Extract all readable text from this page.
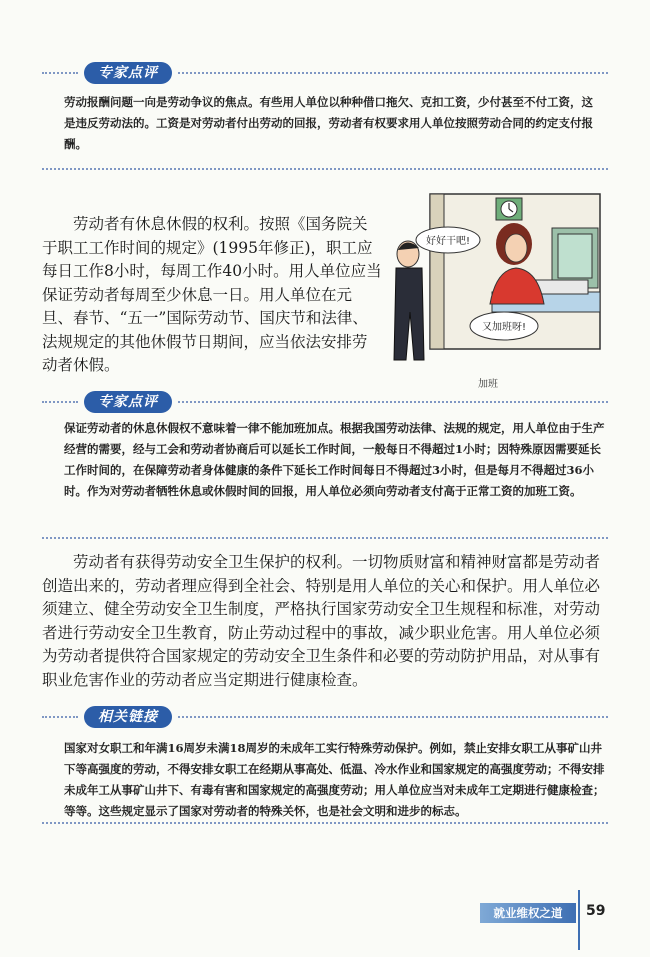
专家点评
劳动报酬问题一向是劳动争议的焦点。有些用人单位以种种借口拖欠、克扣工资，少付甚至不付工资，这是违反劳动法的。工资是对劳动者付出劳动的回报，劳动者有权要求用人单位按照劳动合同的约定支付报酬。
劳动者有休息休假的权利。按照《国务院关于职工工作时间的规定》(1995年修正)，职工应每日工作8小时，每周工作40小时。用人单位应当保证劳动者每周至少休息一日。用人单位在元旦、春节、“五一”国际劳动节、国庆节和法律、法规规定的其他休假节日期间，应当依法安排劳动者休假。
好好干吧!
又加班呀!
加班
专家点评
保证劳动者的休息休假权不意味着一律不能加班加点。根据我国劳动法律、法规的规定，用人单位由于生产经营的需要，经与工会和劳动者协商后可以延长工作时间，一般每日不得超过1小时；因特殊原因需要延长工作时间的，在保障劳动者身体健康的条件下延长工作时间每日不得超过3小时，但是每月不得超过36小时。作为对劳动者牺牲休息或休假时间的回报，用人单位必须向劳动者支付高于正常工资的加班工资。
劳动者有获得劳动安全卫生保护的权利。一切物质财富和精神财富都是劳动者创造出来的，劳动者理应得到全社会、特别是用人单位的关心和保护。用人单位必须建立、健全劳动安全卫生制度，严格执行国家劳动安全卫生规程和标准，对劳动者进行劳动安全卫生教育，防止劳动过程中的事故，减少职业危害。用人单位必须为劳动者提供符合国家规定的劳动安全卫生条件和必要的劳动防护用品，对从事有职业危害作业的劳动者应当定期进行健康检查。
相关链接
国家对女职工和年满16周岁未满18周岁的未成年工实行特殊劳动保护。例如，禁止安排女职工从事矿山井下等高强度的劳动，不得安排女职工在经期从事高处、低温、冷水作业和国家规定的高强度劳动；不得安排未成年工从事矿山井下、有毒有害和国家规定的高强度劳动；用人单位应当对未成年工定期进行健康检查；等等。这些规定显示了国家对劳动者的特殊关怀，也是社会文明和进步的标志。
就业维权之道	59
